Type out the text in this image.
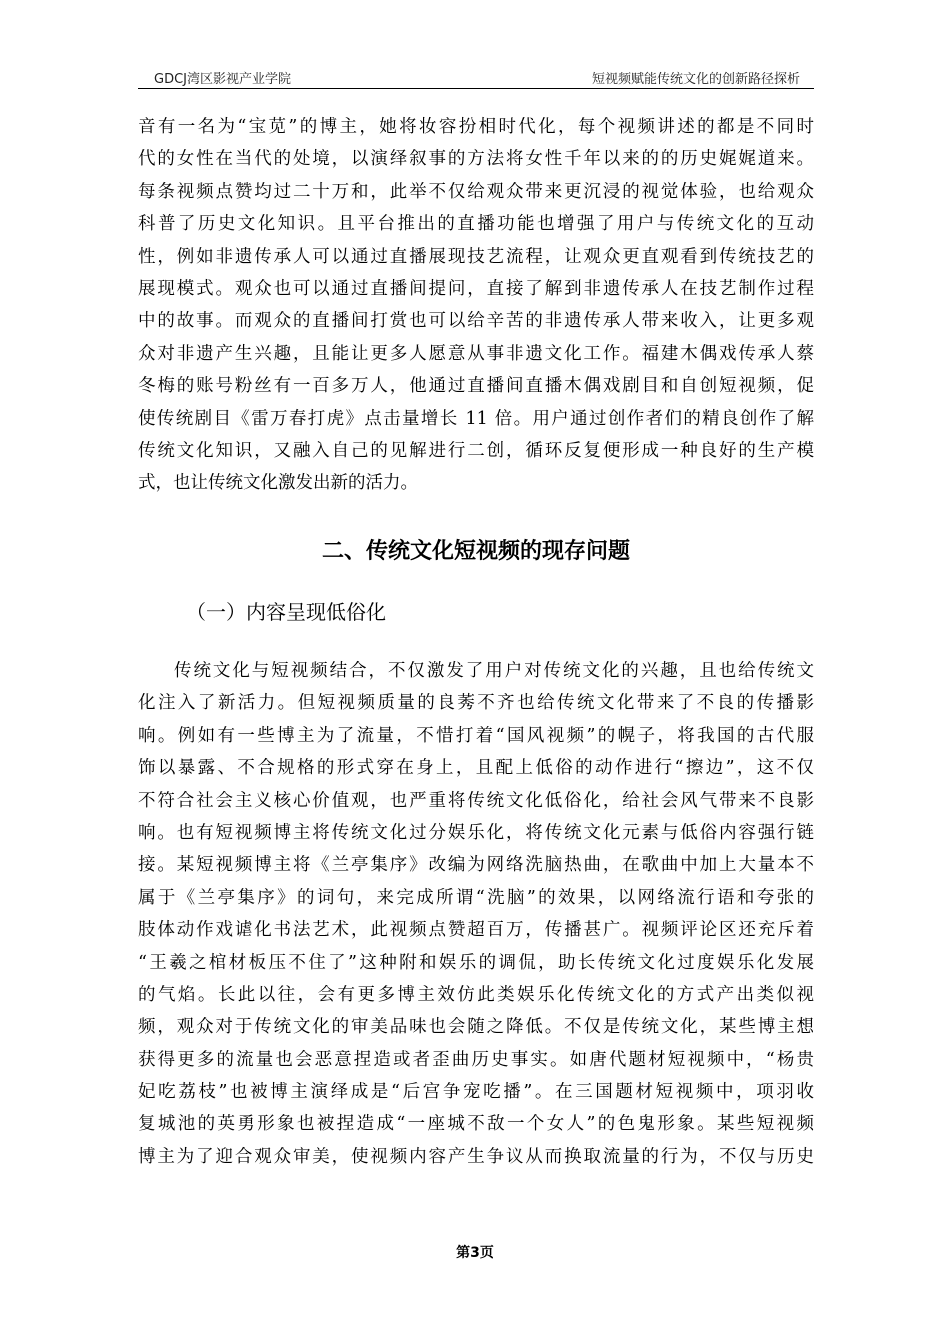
GDCJ湾区影视产业学院	短视频赋能传统文化的创新路径探析
音有一名为“宝苋”的博主，她将妆容扮相时代化，每个视频讲述的都是不同时
代的女性在当代的处境，以演绎叙事的方法将女性千年以来的的历史娓娓道来。
每条视频点赞均过二十万和，此举不仅给观众带来更沉浸的视觉体验，也给观众
科普了历史文化知识。且平台推出的直播功能也增强了用户与传统文化的互动
性，例如非遗传承人可以通过直播展现技艺流程，让观众更直观看到传统技艺的
展现模式。观众也可以通过直播间提问，直接了解到非遗传承人在技艺制作过程
中的故事。而观众的直播间打赏也可以给辛苦的非遗传承人带来收入，让更多观
众对非遗产生兴趣，且能让更多人愿意从事非遗文化工作。福建木偶戏传承人蔡
冬梅的账号粉丝有一百多万人，他通过直播间直播木偶戏剧目和自创短视频，促
使传统剧目《雷万春打虎》点击量增长 11 倍。用户通过创作者们的精良创作了解
传统文化知识，又融入自己的见解进行二创，循环反复便形成一种良好的生产模
式，也让传统文化激发出新的活力。
二、传统文化短视频的现存问题
（一）内容呈现低俗化
传统文化与短视频结合，不仅激发了用户对传统文化的兴趣，且也给传统文
化注入了新活力。但短视频质量的良莠不齐也给传统文化带来了不良的传播影
响。例如有一些博主为了流量，不惜打着“国风视频”的幌子，将我国的古代服
饰以暴露、不合规格的形式穿在身上，且配上低俗的动作进行“擦边”，这不仅
不符合社会主义核心价值观，也严重将传统文化低俗化，给社会风气带来不良影
响。也有短视频博主将传统文化过分娱乐化，将传统文化元素与低俗内容强行链
接。某短视频博主将《兰亭集序》改编为网络洗脑热曲，在歌曲中加上大量本不
属于《兰亭集序》的词句，来完成所谓“洗脑”的效果，以网络流行语和夸张的
肢体动作戏谑化书法艺术，此视频点赞超百万，传播甚广。视频评论区还充斥着
“王羲之棺材板压不住了”这种附和娱乐的调侃，助长传统文化过度娱乐化发展
的气焰。长此以往，会有更多博主效仿此类娱乐化传统文化的方式产出类似视
频，观众对于传统文化的审美品味也会随之降低。不仅是传统文化，某些博主想
获得更多的流量也会恶意捏造或者歪曲历史事实。如唐代题材短视频中，“杨贵
妃吃荔枝”也被博主演绎成是“后宫争宠吃播”。在三国题材短视频中，项羽收
复城池的英勇形象也被捏造成“一座城不敌一个女人”的色鬼形象。某些短视频
博主为了迎合观众审美，使视频内容产生争议从而换取流量的行为，不仅与历史
第3页
